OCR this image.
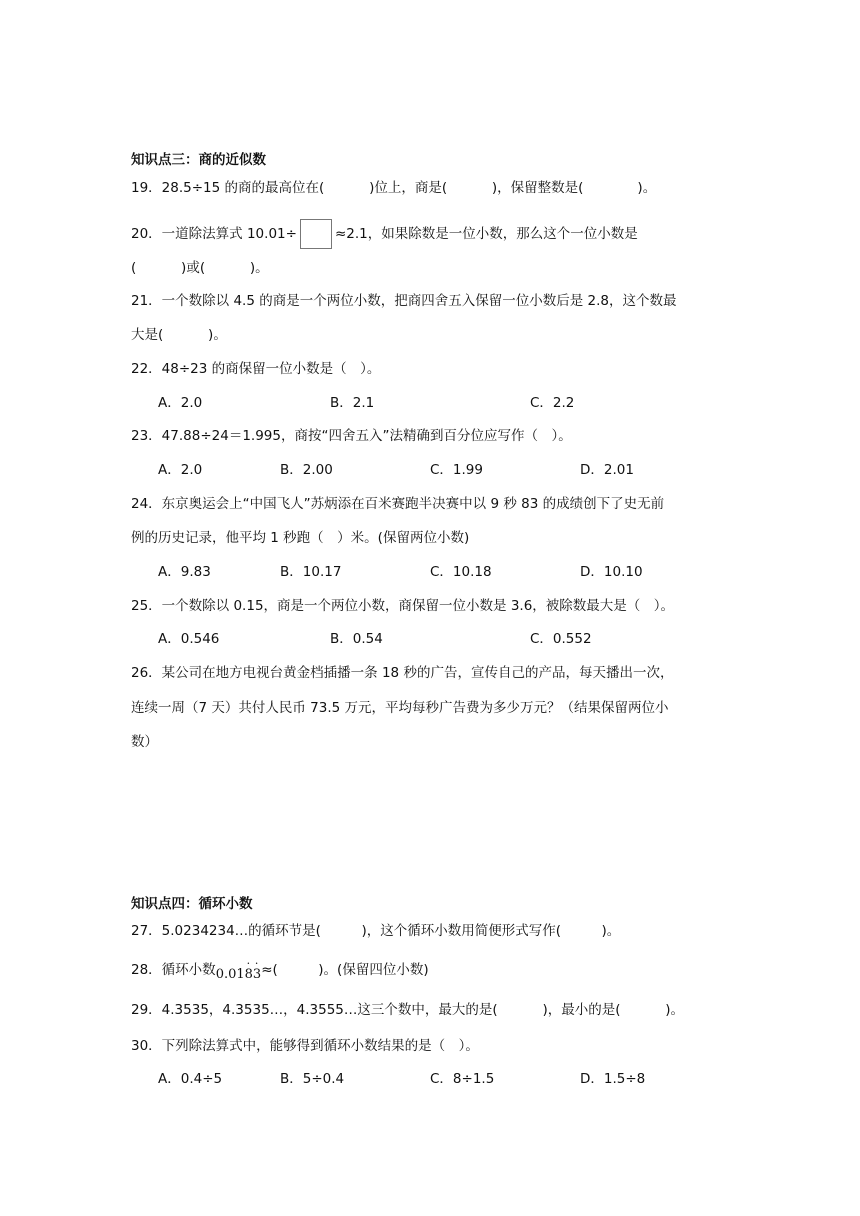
知识点三：商的近似数
19．28.5÷15 的商的最高位在(　　　 )位上，商是(　　　 )，保留整数是(　　　　)。
20．一道除法算式 10.01÷	≈2.1，如果除数是一位小数，那么这个一位小数是
(　　　 )或(　　　 )。
21．一个数除以 4.5 的商是一个两位小数，把商四舍五入保留一位小数后是 2.8，这个数最
大是(　　　 )。
22．48÷23 的商保留一位小数是（　）。
A．2.0	B．2.1	C．2.2
23．47.88÷24＝1.995，商按“四舍五入”法精确到百分位应写作（　）。
A．2.0	B．2.00	C．1.99	D．2.01
24．东京奥运会上“中国飞人”苏炳添在百米赛跑半决赛中以 9 秒 83 的成绩创下了史无前
例的历史记录，他平均 1 秒跑（　）米。(保留两位小数)
A．9.83	B．10.17	C．10.18	D．10.10
25．一个数除以 0.15，商是一个两位小数，商保留一位小数是 3.6，被除数最大是（　）。
A．0.546	B．0.54	C．0.552
26．某公司在地方电视台黄金档插播一条 18 秒的广告，宣传自己的产品，每天播出一次，
连续一周（7 天）共付人民币 73.5 万元，平均每秒广告费为多少万元？（结果保留两位小
数）
知识点四：循环小数
27．5.0234234…的循环节是(　　　)，这个循环小数用简便形式写作(　　　)。
28．循环小数0.01
·
8
·
3≈(　　　)。(保留四位小数)
29．4.3535，4.3535…，4.3555…这三个数中，最大的是(　　　 )，最小的是(　　　 )。
30．下列除法算式中，能够得到循环小数结果的是（　）。
A．0.4÷5	B．5÷0.4	C．8÷1.5	D．1.5÷8
